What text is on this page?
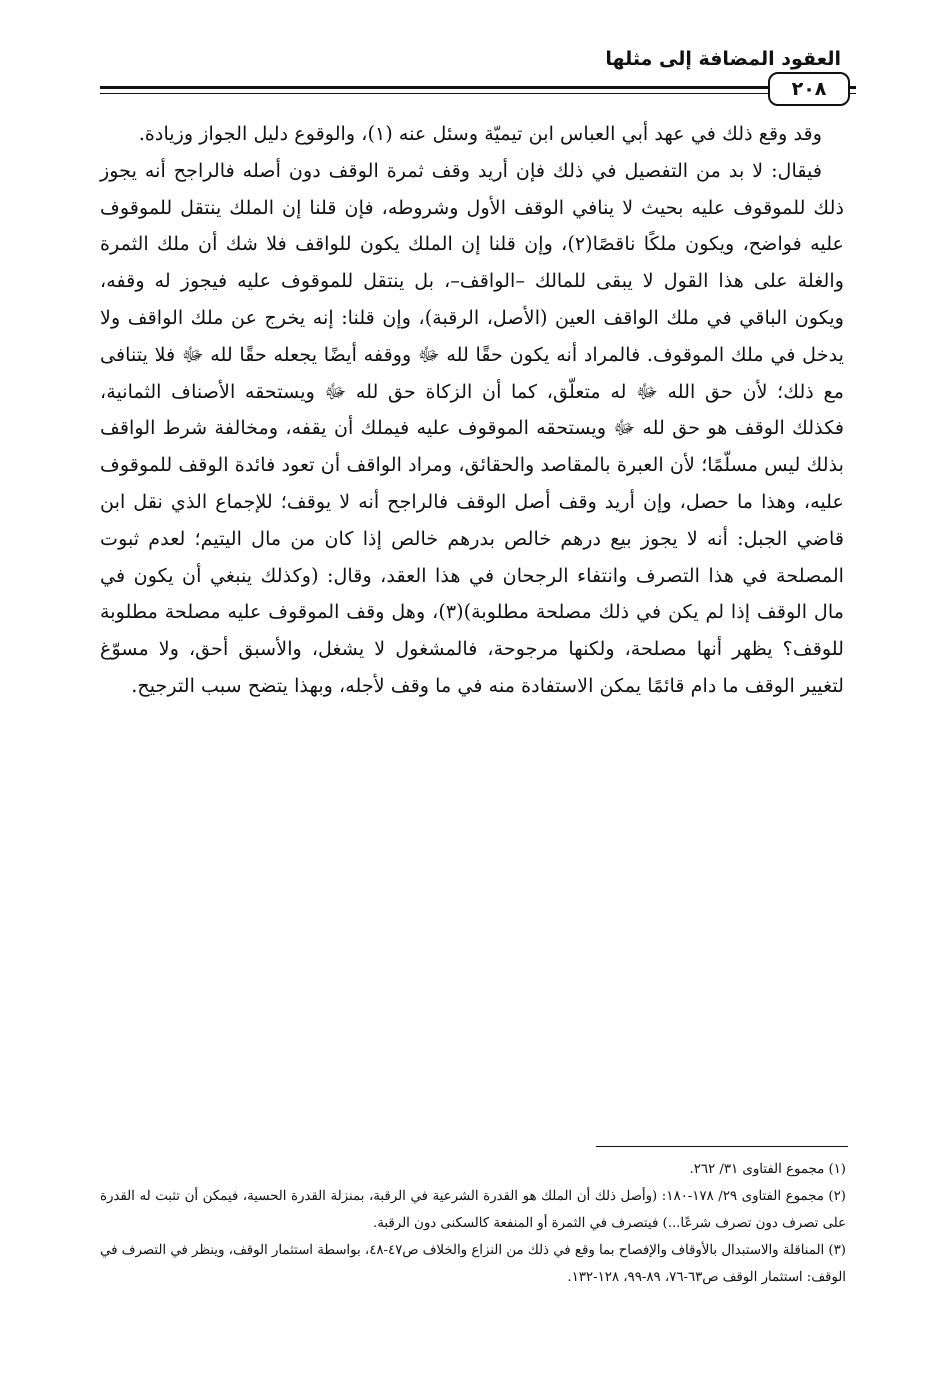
العقود المضافة إلى مثلها
٢٠٨

وقد وقع ذلك في عهد أبي العباس ابن تيميّة وسئل عنه (١)، والوقوع دليل الجواز وزيادة.

فيقال: لا بد من التفصيل في ذلك فإن أريد وقف ثمرة الوقف دون أصله فالراجح أنه يجوز ذلك للموقوف عليه بحيث لا ينافي الوقف الأول وشروطه، فإن قلنا إن الملك ينتقل للموقوف عليه فواضح، ويكون ملكًا ناقصًا(٢)، وإن قلنا إن الملك يكون للواقف فلا شك أن ملك الثمرة والغلة على هذا القول لا يبقى للمالك –الواقف–، بل ينتقل للموقوف عليه فيجوز له وقفه، ويكون الباقي في ملك الواقف العين (الأصل، الرقبة)، وإن قلنا: إنه يخرج عن ملك الواقف ولا يدخل في ملك الموقوف. فالمراد أنه يكون حقًا لله ﷻ ووقفه أيضًا يجعله حقًا لله ﷻ فلا يتنافى مع ذلك؛ لأن حق الله ﷻ له متعلّق، كما أن الزكاة حق لله ﷻ ويستحقه الأصناف الثمانية، فكذلك الوقف هو حق لله ﷻ ويستحقه الموقوف عليه فيملك أن يقفه، ومخالفة شرط الواقف بذلك ليس مسلّمًا؛ لأن العبرة بالمقاصد والحقائق، ومراد الواقف أن تعود فائدة الوقف للموقوف عليه، وهذا ما حصل، وإن أريد وقف أصل الوقف فالراجح أنه لا يوقف؛ للإجماع الذي نقل ابن قاضي الجبل: أنه لا يجوز بيع درهم خالص بدرهم خالص إذا كان من مال اليتيم؛ لعدم ثبوت المصلحة في هذا التصرف وانتفاء الرجحان في هذا العقد، وقال: (وكذلك ينبغي أن يكون في مال الوقف إذا لم يكن في ذلك مصلحة مطلوبة)(٣)، وهل وقف الموقوف عليه مصلحة مطلوبة للوقف؟ يظهر أنها مصلحة، ولكنها مرجوحة، فالمشغول لا يشغل، والأسبق أحق، ولا مسوّغ لتغيير الوقف ما دام قائمًا يمكن الاستفادة منه في ما وقف لأجله، وبهذا يتضح سبب الترجيح.

(١) مجموع الفتاوى ٣١/ ٢٦٢.

(٢) مجموع الفتاوى ٢٩/ ١٧٨-١٨٠: (وأصل ذلك أن الملك هو القدرة الشرعية في الرقبة، بمنزلة القدرة الحسية، فيمكن أن تثبت له القدرة على تصرف دون تصرف شرعًا...) فيتصرف في الثمرة أو المنفعة كالسكنى دون الرقبة.

(٣) المناقلة والاستبدال بالأوقاف والإفصاح بما وقع في ذلك من النزاع والخلاف ص٤٧-٤٨، بواسطة استثمار الوقف، وينظر في التصرف في الوقف: استثمار الوقف ص٦٣-٧٦، ٨٩-٩٩، ١٢٨-١٣٢.
